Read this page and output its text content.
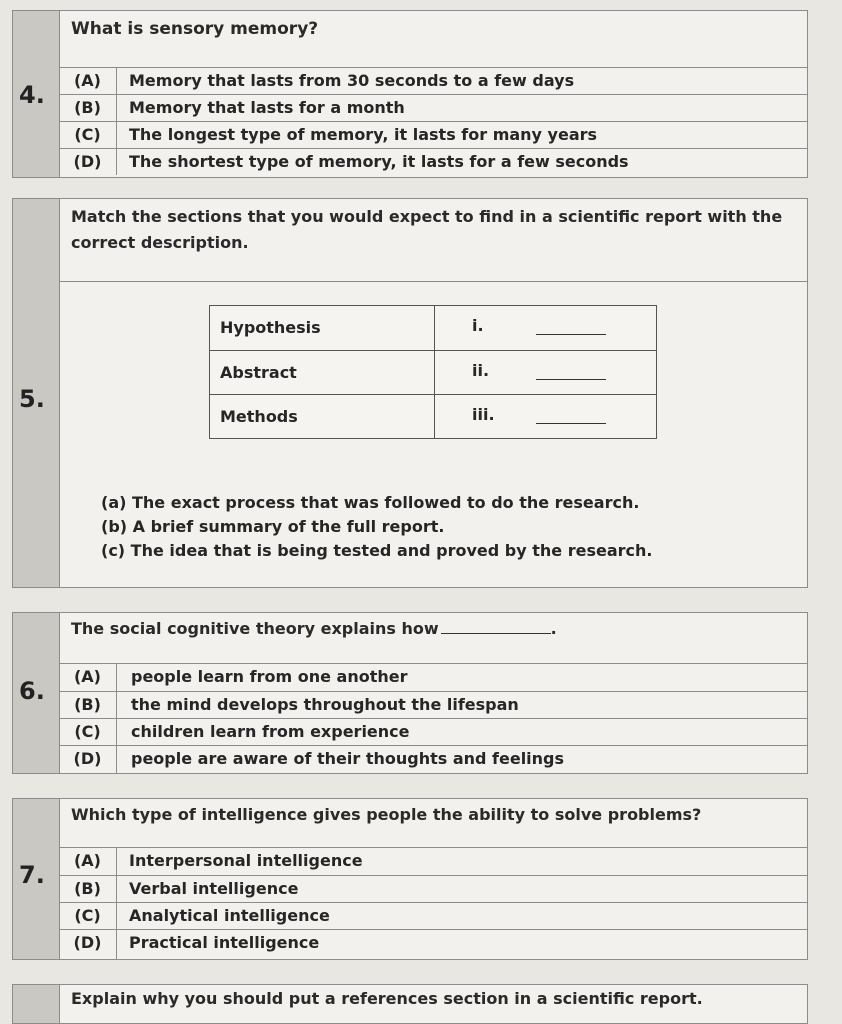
4.
What is sensory memory?
(A)	Memory that lasts from 30 seconds to a few days
(B)	Memory that lasts for a month
(C)	The longest type of memory, it lasts for many years
(D)	The shortest type of memory, it lasts for a few seconds
5.
Match the sections that you would expect to find in a scientific report with the
correct description.
Hypothesis	i.
Abstract	ii.
Methods	iii.
(a) The exact process that was followed to do the research.
(b) A brief summary of the full report.
(c) The idea that is being tested and proved by the research.
6.
The social cognitive theory explains how	.
(A)	people learn from one another
(B)	the mind develops throughout the lifespan
(C)	children learn from experience
(D)	people are aware of their thoughts and feelings
7.
Which type of intelligence gives people the ability to solve problems?
(A)	Interpersonal intelligence
(B)	Verbal intelligence
(C)	Analytical intelligence
(D)	Practical intelligence
Explain why you should put a references section in a scientific report.
